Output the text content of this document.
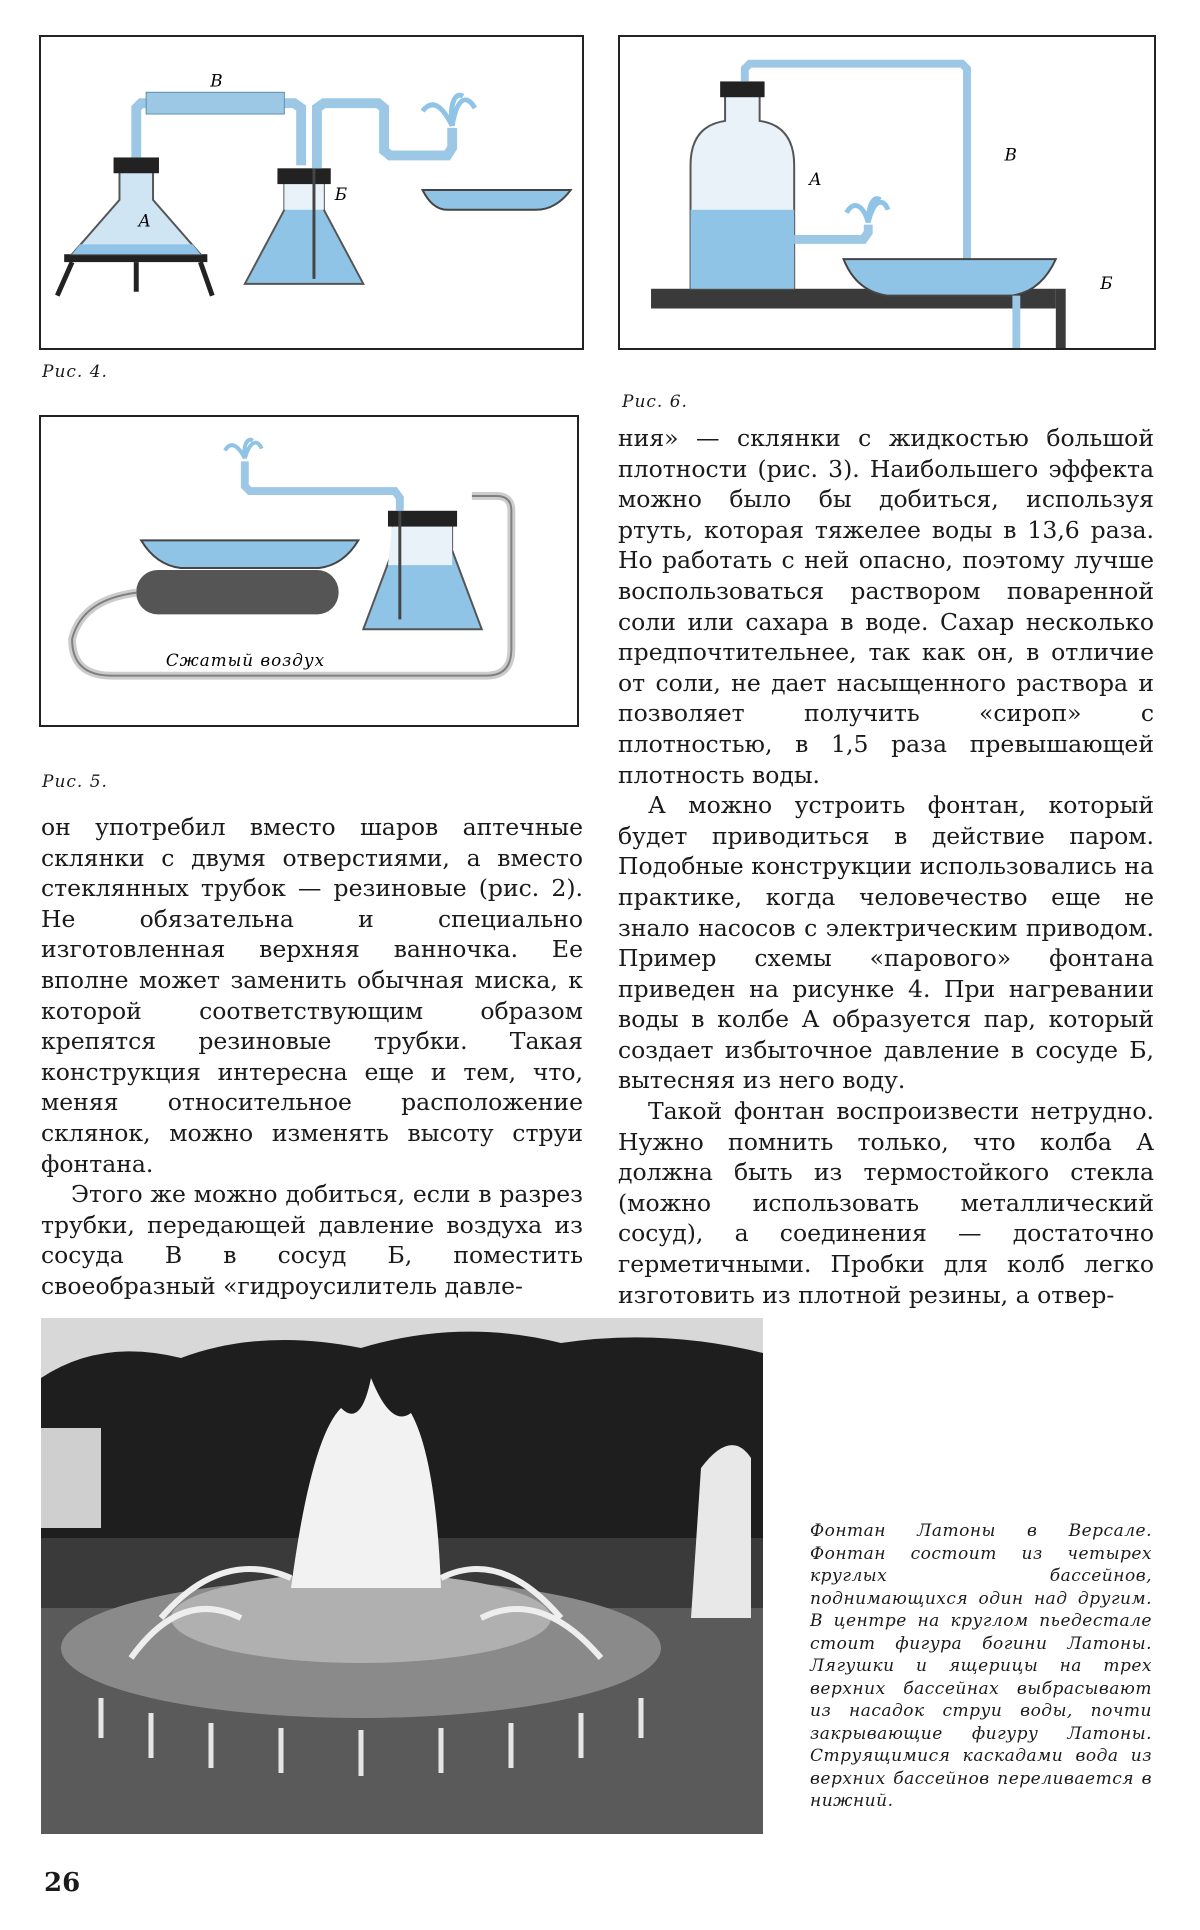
А
Б
В
Рис. 4.
А
Б
В
Рис. 6.
Сжатый воздух
Рис. 5.

он употребил вместо шаров аптечные склянки с двумя отверстиями, а вместо стеклянных трубок — резиновые (рис. 2). Не обязательна и специально изготовленная верхняя ванночка. Ее вполне может заменить обычная миска, к которой соответствующим образом крепятся резиновые трубки. Такая конструкция интересна еще и тем, что, меняя относительное расположение склянок, можно изменять высоту струи фонтана.

Этого же можно добиться, если в разрез трубки, передающей давление воздуха из сосуда В в сосуд Б, поместить своеобразный «гидроусилитель давле-

ния» — склянки с жидкостью большой плотности (рис. 3). Наибольшего эффекта можно было бы добиться, используя ртуть, которая тяжелее воды в 13,6 раза. Но работать с ней опасно, поэтому лучше воспользоваться раствором поваренной соли или сахара в воде. Сахар несколько предпочтительнее, так как он, в отличие от соли, не дает насыщенного раствора и позволяет получить «сироп» с плотностью, в 1,5 раза превышающей плотность воды.

А можно устроить фонтан, который будет приводиться в действие паром. Подобные конструкции использовались на практике, когда человечество еще не знало насосов с электрическим приводом. Пример схемы «парового» фонтана приведен на рисунке 4. При нагревании воды в колбе А образуется пар, который создает избыточное давление в сосуде Б, вытесняя из него воду.

Такой фонтан воспроизвести нетрудно. Нужно помнить только, что колба А должна быть из термостойкого стекла (можно использовать металлический сосуд), а соединения — достаточно герметичными. Пробки для колб легко изготовить из плотной резины, а отвер-

Фонтан Латоны в Версале. Фонтан состоит из четырех круглых бассейнов, поднимающихся один над другим. В центре на круглом пьедестале стоит фигура богини Латоны. Лягушки и ящерицы на трех верхних бассейнах выбрасывают из насадок струи воды, почти закрывающие фигуру Латоны. Струящимися каскадами вода из верхних бассейнов переливается в нижний.
26
